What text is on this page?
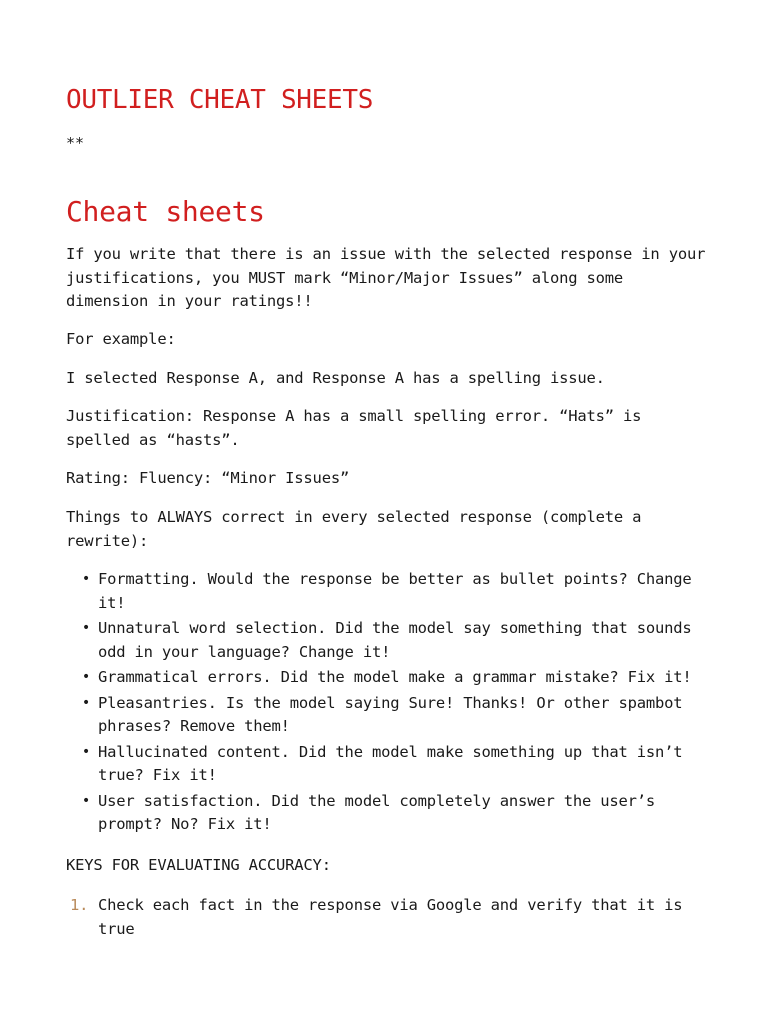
OUTLIER CHEAT SHEETS
**
Cheat sheets

If you write that there is an issue with the selected response in your justifications, you MUST mark “Minor/Major Issues” along some dimension in your ratings!!

For example:

I selected Response A, and Response A has a spelling issue.

Justification: Response A has a small spelling error. “Hats” is spelled as “hasts”.

Rating: Fluency: “Minor Issues”

Things to ALWAYS correct in every selected response (complete a rewrite):

• Formatting. Would the response be better as bullet points? Change it!
• Unnatural word selection. Did the model say something that sounds odd in your language? Change it!
• Grammatical errors. Did the model make a grammar mistake? Fix it!
• Pleasantries. Is the model saying Sure! Thanks! Or other spambot phrases? Remove them!
• Hallucinated content. Did the model make something up that isn’t true? Fix it!
• User satisfaction. Did the model completely answer the user’s prompt? No? Fix it!

KEYS FOR EVALUATING ACCURACY:

1. Check each fact in the response via Google and verify that it is true
